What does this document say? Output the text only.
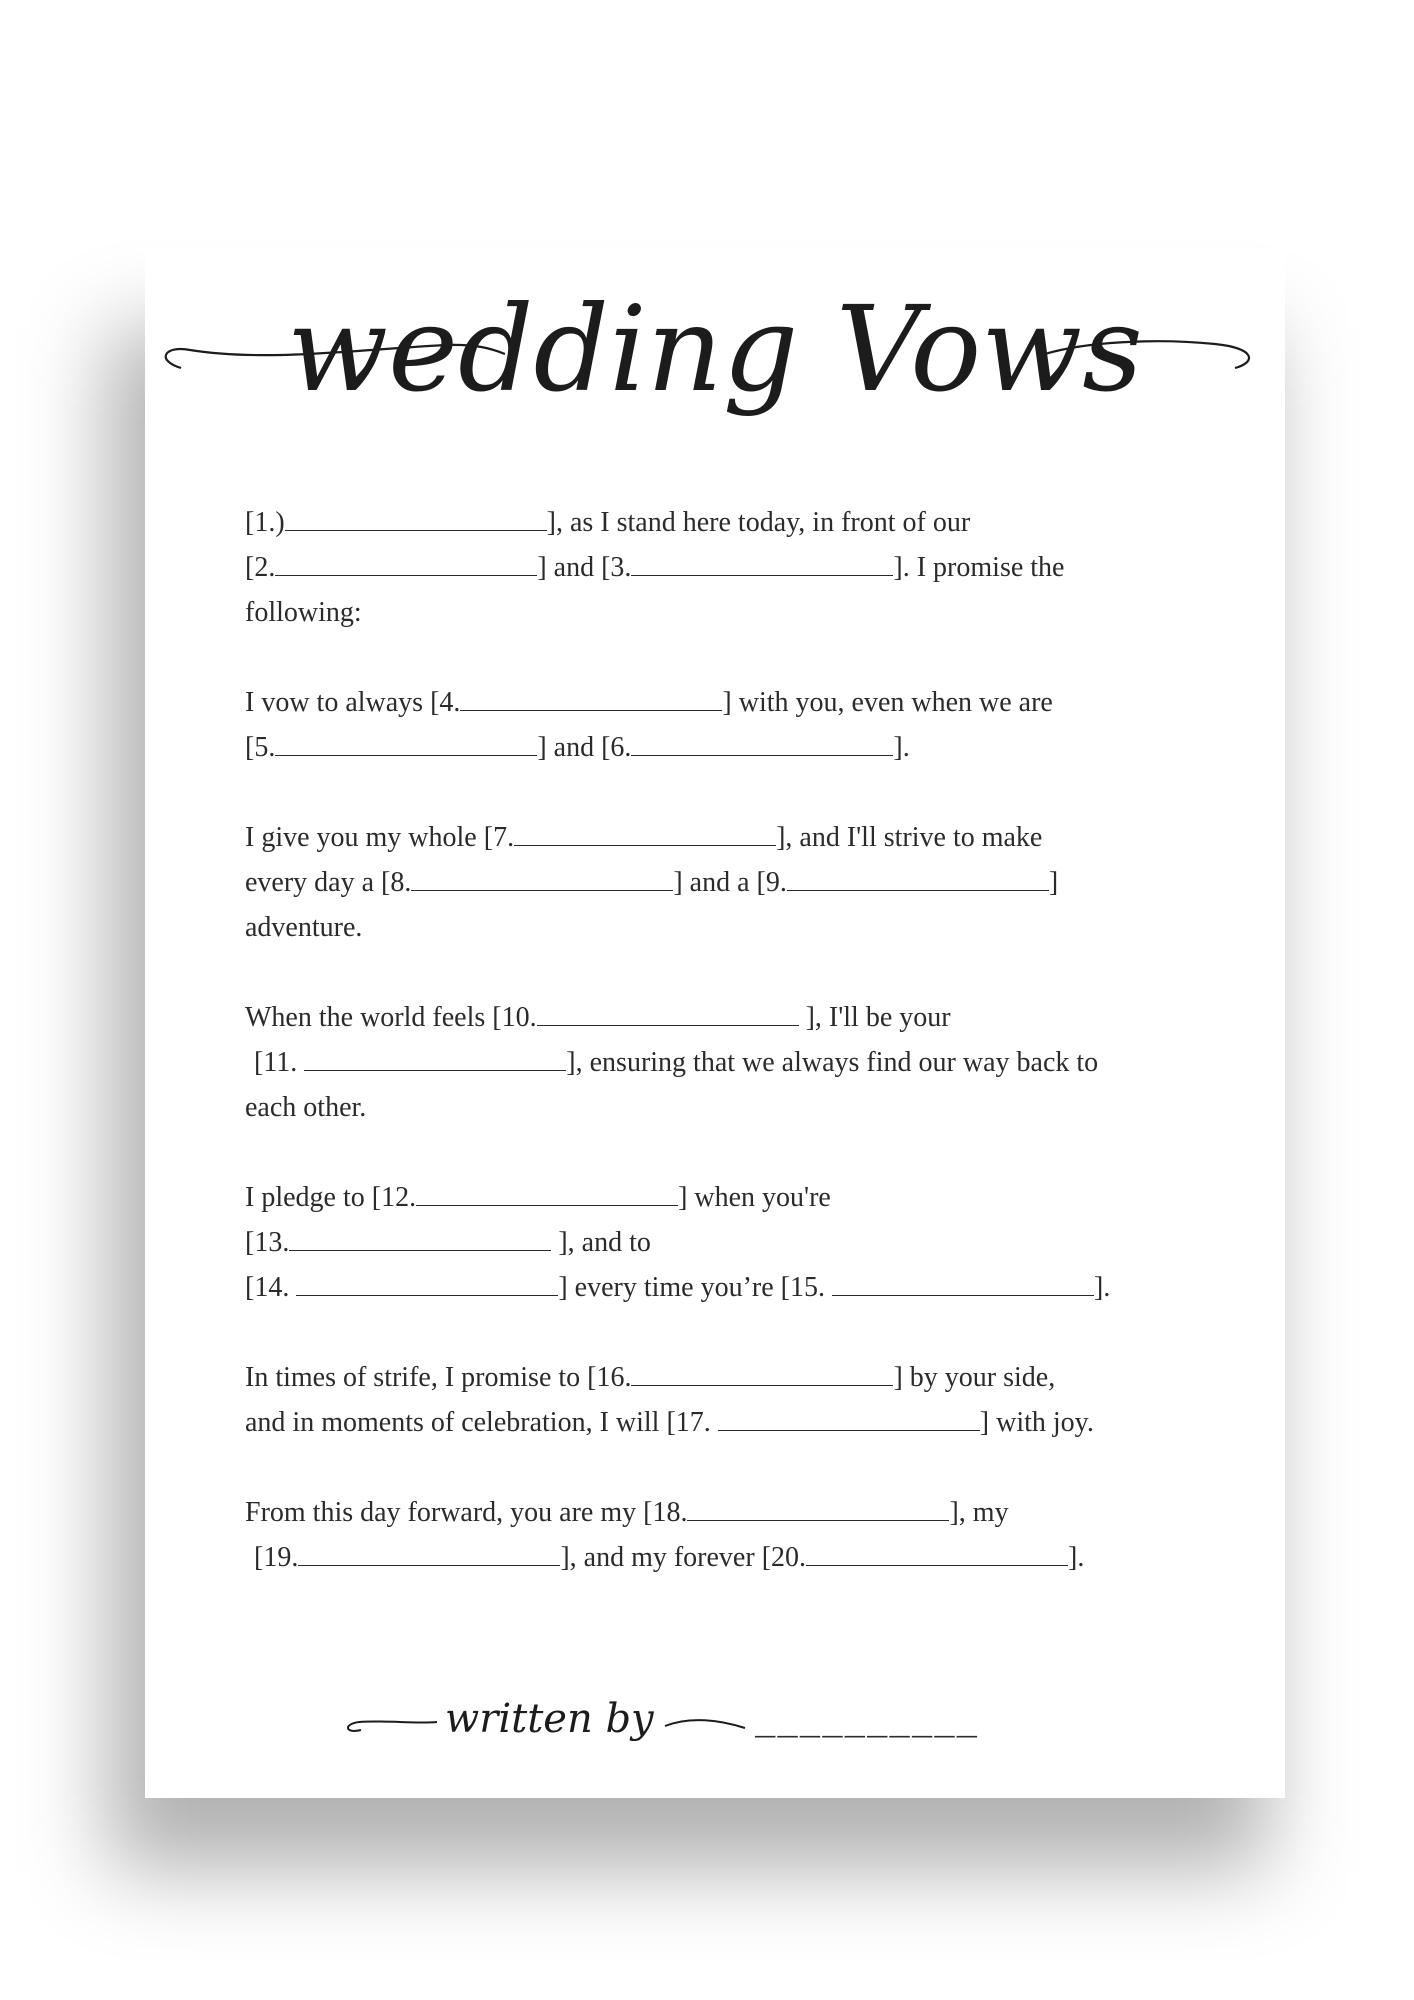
wedding Vows
[1.)	], as I stand here today, in front of our
[2.	] and [3.	]. I promise the
following:
I vow to always [4.	] with you, even when we are
[5.	] and [6.	].
I give you my whole [7.	], and I'll strive to make
every day a [8.	] and a [9.	]
adventure.
When the world feels [10.	], I'll be your
[11.	], ensuring that we always find our way back to
each other.
I pledge to [12.	] when you're
[13.	], and to
[14.	] every time you’re [15.	].
In times of strife, I promise to [16.	] by your side,
and in moments of celebration, I will [17.	] with joy.
From this day forward, you are my [18.	], my
[19.	], and my forever [20.	].
written by	__________
